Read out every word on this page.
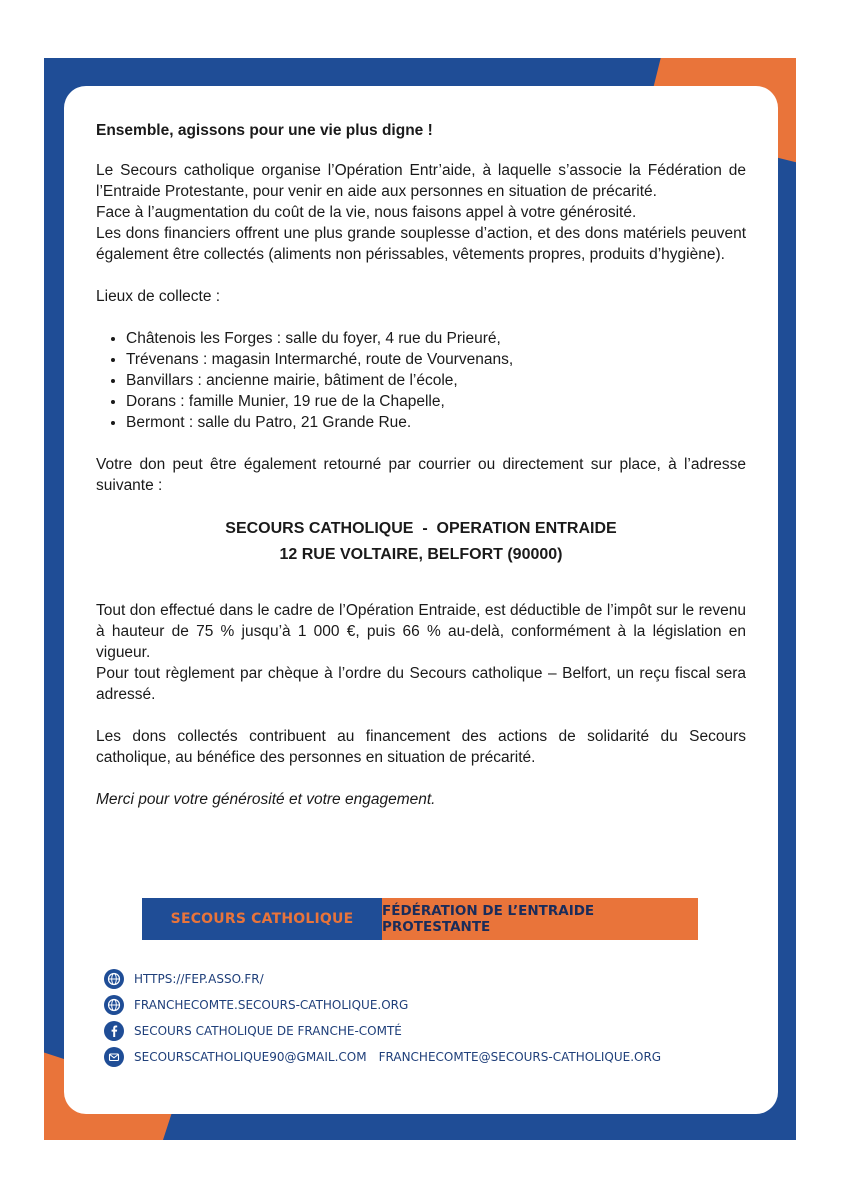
Ensemble, agissons pour une vie plus digne !

Le Secours catholique organise l’Opération Entr’aide, à laquelle s’associe la Fédération de l’Entraide Protestante, pour venir en aide aux personnes en situation de précarité.

Face à l’augmentation du coût de la vie, nous faisons appel à votre générosité.

Les dons financiers offrent une plus grande souplesse d’action, et des dons matériels peuvent également être collectés (aliments non périssables, vêtements propres, produits d’hygiène).

Lieux de collecte :

• Châtenois les Forges : salle du foyer, 4 rue du Prieuré,
• Trévenans : magasin Intermarché, route de Vourvenans,
• Banvillars : ancienne mairie, bâtiment de l’école,
• Dorans : famille Munier, 19 rue de la Chapelle,
• Bermont : salle du Patro, 21 Grande Rue.

Votre don peut être également retourné par courrier ou directement sur place, à l’adresse suivante :

SECOURS CATHOLIQUE  -  OPERATION ENTRAIDE
12 RUE VOLTAIRE, BELFORT (90000)

Tout don effectué dans le cadre de l’Opération Entraide, est déductible de l’impôt sur le revenu à hauteur de 75 % jusqu’à 1 000 €, puis 66 % au-delà, conformément à la législation en vigueur.

Pour tout règlement par chèque à l’ordre du Secours catholique – Belfort, un reçu fiscal sera adressé.

Les dons collectés contribuent au financement des actions de solidarité du Secours catholique, au bénéfice des personnes en situation de précarité.

Merci pour votre générosité et votre engagement.

SECOURS CATHOLIQUE	FÉDÉRATION DE L’ENTRAIDE PROTESTANTE
HTTPS://FEP.ASSO.FR/
FRANCHECOMTE.SECOURS-CATHOLIQUE.ORG
SECOURS CATHOLIQUE DE FRANCHE-COMTÉ
SECOURSCATHOLIQUE90@GMAIL.COM FRANCHECOMTE@SECOURS-CATHOLIQUE.ORG
